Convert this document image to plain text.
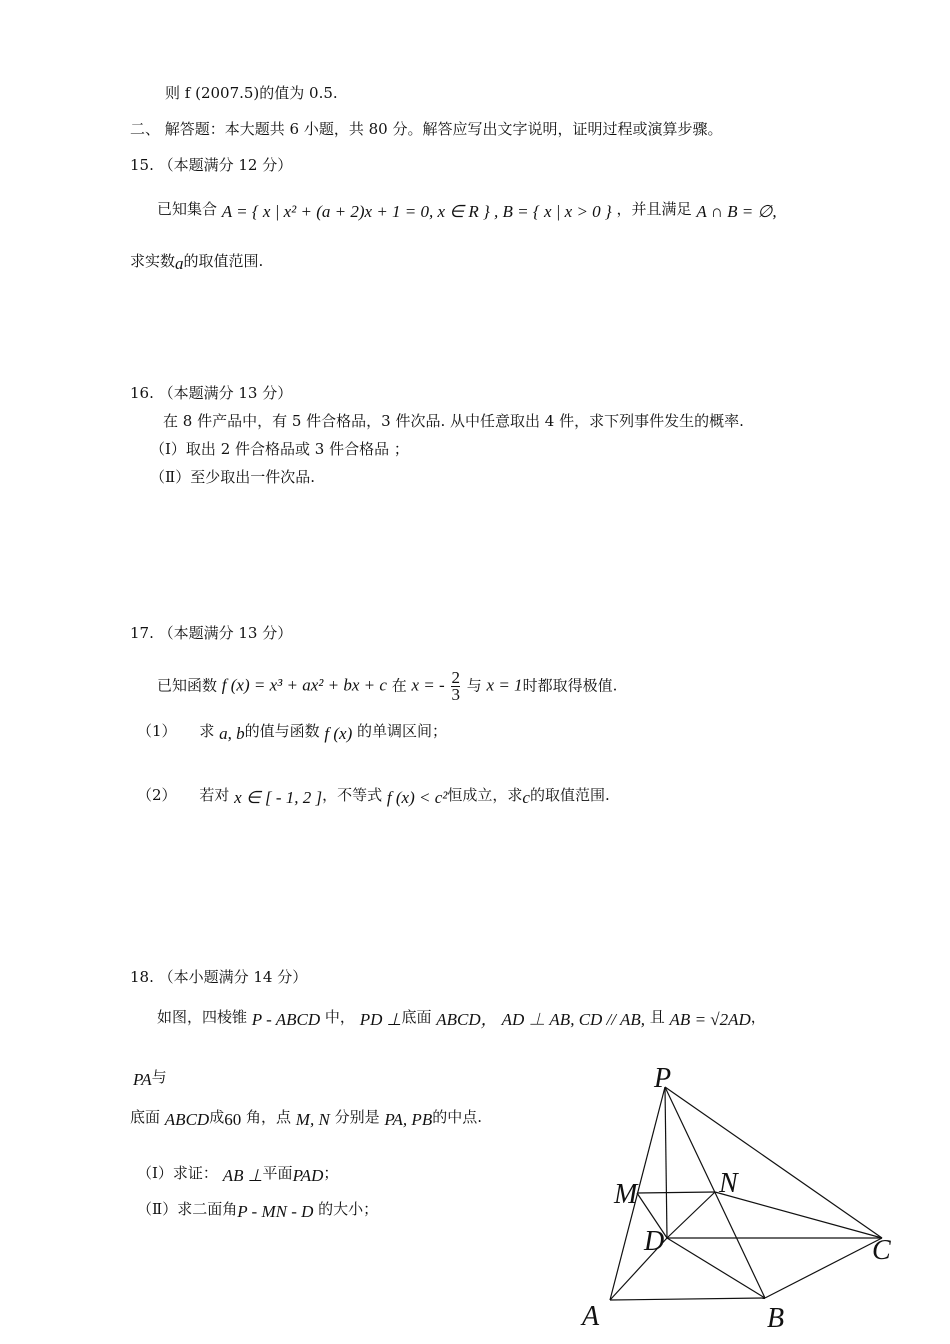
则 f (2007.5)的值为 0.5.
二、 解答题：本大题共 6 小题，共 80 分。解答应写出文字说明，证明过程或演算步骤。
15. （本题满分 12 分）
已知集合 A = { x | x² + (a + 2)x + 1 = 0, x ∈ R } , B = { x | x > 0 } ，并且满足 A ∩ B = ∅,
求实数a的取值范围.
16. （本题满分 13 分）
在 8 件产品中，有 5 件合格品，3 件次品. 从中任意取出 4 件，求下列事件发生的概率.
（Ⅰ）取出 2 件合格品或 3 件合格品 ；
（Ⅱ）至少取出一件次品.
17. （本题满分 13 分）
已知函数 f (x) = x³ + ax² + bx + c 在 x = - $\frac{2}{3}$ 与 x = 1时都取得极值.
（1） 求 a, b的值与函数 f (x) 的单调区间；
（2） 若对 x ∈ [ - 1, 2 ]，不等式 f (x) < c²恒成立，求c的取值范围.
18. （本小题满分 14 分）
如图，四棱锥 P - ABCD 中， PD ⊥底面 ABCD， AD ⊥ AB, CD // AB, 且 AB = √2AD，
PA与
底面 ABCD成60 角，点 M, N 分别是 PA, PB的中点.
（Ⅰ）求证： AB ⊥平面PAD；
（Ⅱ）求二面角P - MN - D 的大小；
P
M	N
D	C
A	B
